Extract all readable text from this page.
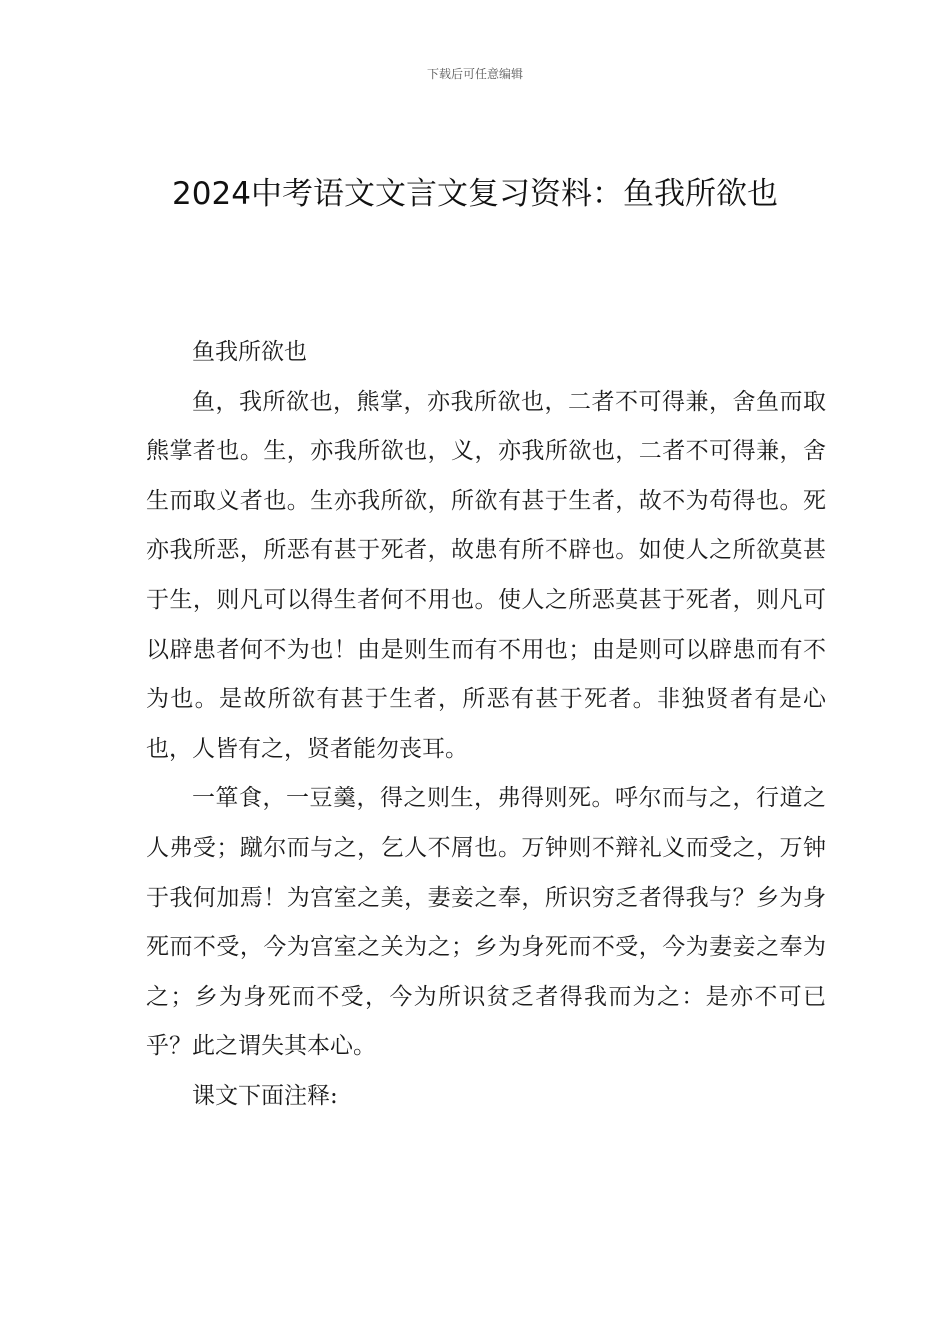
下载后可任意编辑
2024中考语文文言文复习资料：鱼我所欲也

鱼我所欲也

鱼，我所欲也，熊掌，亦我所欲也，二者不可得兼，舍鱼而取熊掌者也。生，亦我所欲也，义，亦我所欲也，二者不可得兼，舍生而取义者也。生亦我所欲，所欲有甚于生者，故不为苟得也。死亦我所恶，所恶有甚于死者，故患有所不辟也。如使人之所欲莫甚于生，则凡可以得生者何不用也。使人之所恶莫甚于死者，则凡可以辟患者何不为也！由是则生而有不用也；由是则可以辟患而有不为也。是故所欲有甚于生者，所恶有甚于死者。非独贤者有是心也，人皆有之，贤者能勿丧耳。

一箪食，一豆羹，得之则生，弗得则死。呼尔而与之，行道之人弗受；蹴尔而与之，乞人不屑也。万钟则不辩礼义而受之，万钟于我何加焉！为宫室之美，妻妾之奉，所识穷乏者得我与？乡为身死而不受，今为宫室之关为之；乡为身死而不受，今为妻妾之奉为之；乡为身死而不受，今为所识贫乏者得我而为之：是亦不可已乎？此之谓失其本心。

课文下面注释:
